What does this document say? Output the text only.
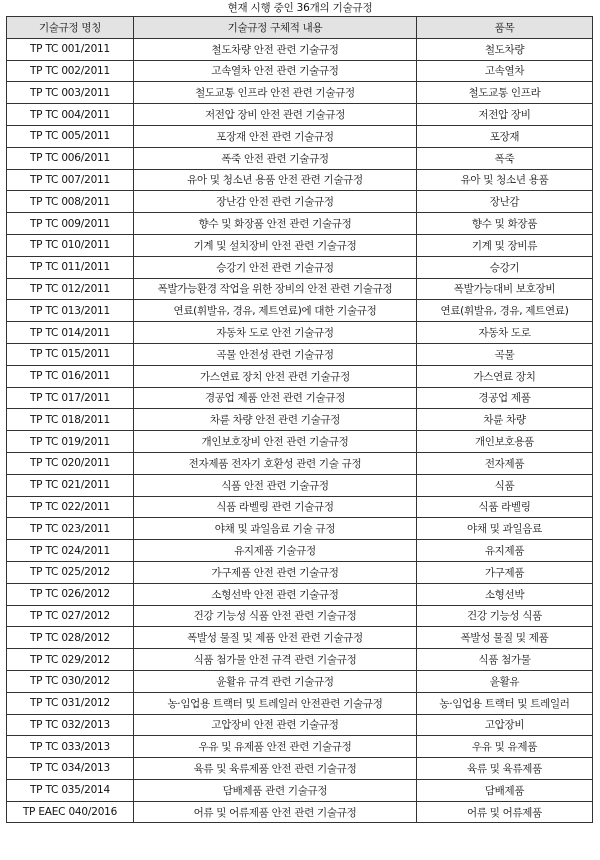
현재 시행 중인 36개의 기술규정
기술규정 명칭	기술규정 구체적 내용	품목
TP TC 001/2011	철도차량 안전 관련 기술규정	철도차량
TP TC 002/2011	고속열차 안전 관련 기술규정	고속열차
TP TC 003/2011	철도교통 인프라 안전 관련 기술규정	철도교통 인프라
TP TC 004/2011	저전압 장비 안전 관련 기술규정	저전압 장비
TP TC 005/2011	포장재 안전 관련 기술규정	포장재
TP TC 006/2011	폭죽 안전 관련 기술규정	폭죽
TP TC 007/2011	유아 및 청소년 용품 안전 관련 기술규정	유아 및 청소년 용품
TP TC 008/2011	장난감 안전 관련 기술규정	장난감
TP TC 009/2011	향수 및 화장품 안전 관련 기술규정	향수 및 화장품
TP TC 010/2011	기계 및 설치장비 안전 관련 기술규정	기계 및 장비류
TP TC 011/2011	승강기 안전 관련 기술규정	승강기
TP TC 012/2011	폭발가능환경 작업을 위한 장비의 안전 관련 기술규정	폭발가능대비 보호장비
TP TC 013/2011	연료(휘발유, 경유, 제트연료)에 대한 기술규정	연료(휘발유, 경유, 제트연료)
TP TC 014/2011	자동차 도로 안전 기술규정	자동차 도로
TP TC 015/2011	곡물 안전성 관련 기술규정	곡물
TP TC 016/2011	가스연료 장치 안전 관련 기술규정	가스연료 장치
TP TC 017/2011	경공업 제품 안전 관련 기술규정	경공업 제품
TP TC 018/2011	차륜 차량 안전 관련 기술규정	차륜 차량
TP TC 019/2011	개인보호장비 안전 관련 기술규정	개인보호용품
TP TC 020/2011	전자제품 전자기 호환성 관련 기술 규정	전자제품
TP TC 021/2011	식품 안전 관련 기술규정	식품
TP TC 022/2011	식품 라벨링 관련 기술규정	식품 라벨링
TP TC 023/2011	야채 및 과일음료 기술 규정	야채 및 과일음료
TP TC 024/2011	유지제품 기술규정	유지제품
TP TC 025/2012	가구제품 안전 관련 기술규정	가구제품
TP TC 026/2012	소형선박 안전 관련 기술규정	소형선박
TP TC 027/2012	건강 기능성 식품 안전 관련 기술규정	건강 기능성 식품
TP TC 028/2012	폭발성 물질 및 제품 안전 관련 기술규정	폭발성 물질 및 제품
TP TC 029/2012	식품 첨가물 안전 규격 관련 기술규정	식품 첨가물
TP TC 030/2012	윤활유 규격 관련 기술규정	윤활유
TP TC 031/2012	농·임업용 트랙터 및 트레일러 안전관련 기술규정	농·임업용 트랙터 및 트레일러
TP TC 032/2013	고압장비 안전 관련 기술규정	고압장비
TP TC 033/2013	우유 및 유제품 안전 관련 기술규정	우유 및 유제품
TP TC 034/2013	육류 및 육류제품 안전 관련 기술규정	육류 및 육류제품
TP TC 035/2014	담배제품 관련 기술규정	담배제품
TP EAEC 040/2016	어류 및 어류제품 안전 관련 기술규정	어류 및 어류제품
